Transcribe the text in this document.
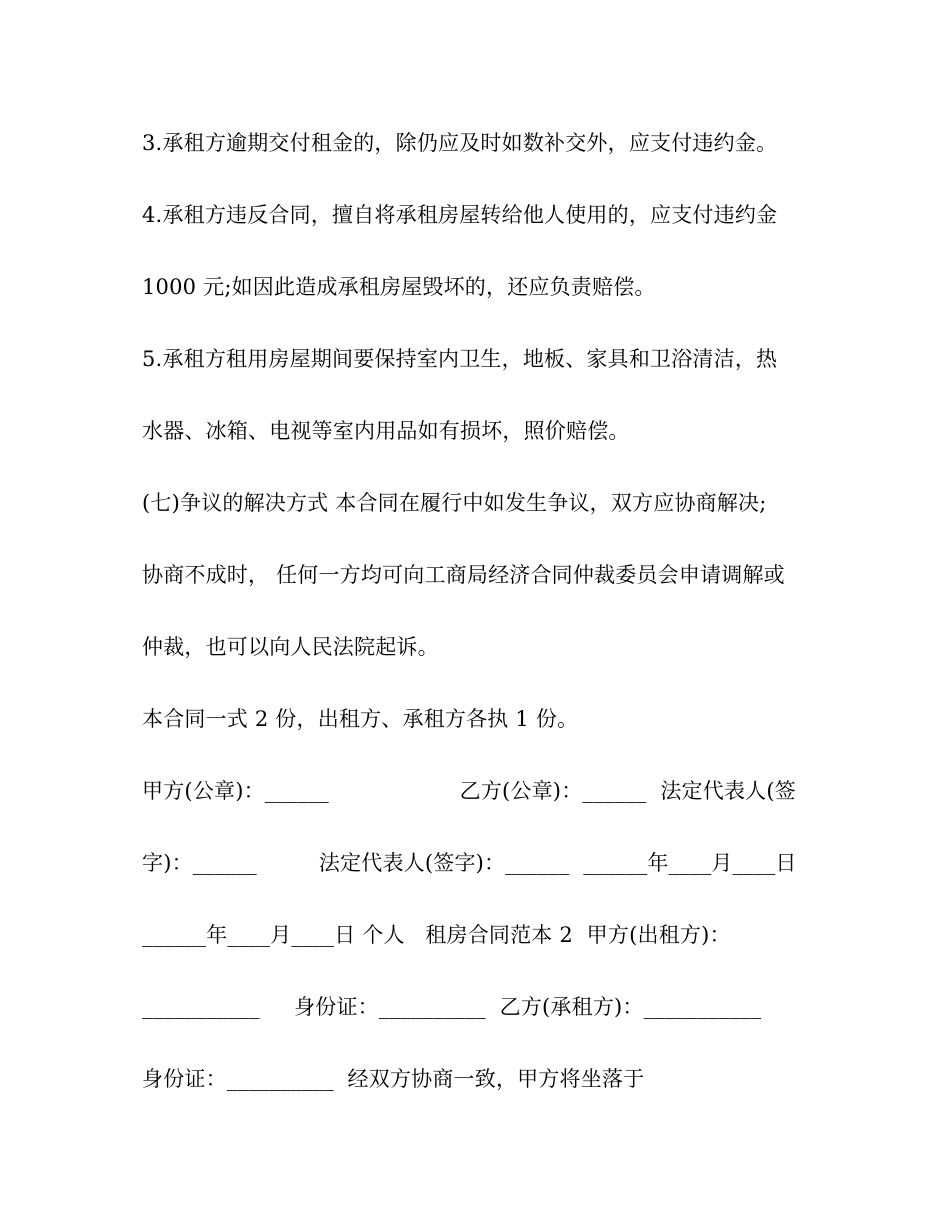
3.承租方逾期交付租金的，除仍应及时如数补交外，应支付违约金。
4.承租方违反合同，擅自将承租房屋转给他人使用的，应支付违约金
1000 元;如因此造成承租房屋毁坏的，还应负责赔偿。
5.承租方租用房屋期间要保持室内卫生，地板、家具和卫浴清洁，热
水器、冰箱、电视等室内用品如有损坏，照价赔偿。
(七)争议的解决方式 本合同在履行中如发生争议，双方应协商解决;
协商不成时， 任何一方均可向工商局经济合同仲裁委员会申请调解或
仲裁，也可以向人民法院起诉。
本合同一式 2 份，出租方、承租方各执 1 份。
甲方(公章)：______                   乙方(公章)：______  法定代表人(签
字)：______         法定代表人(签字)：______  ______年____月____日
______年____月____日 个人   租房合同范本 2  甲方(出租方)：
___________     身份证：__________  乙方(承租方)：___________
身份证：__________  经双方协商一致，甲方将坐落于
